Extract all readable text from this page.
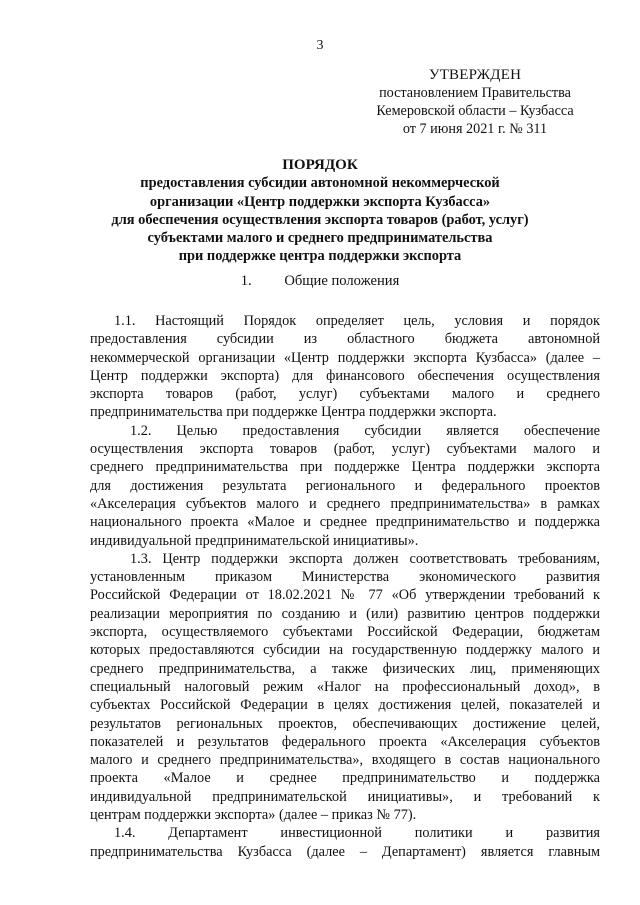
3
УТВЕРЖДЕН
постановлением Правительства
Кемеровской области – Кузбасса
от 7 июня 2021 г. № 311
ПОРЯДОК
предоставления субсидии автономной некоммерческой
организации «Центр поддержки экспорта Кузбасса»
для обеспечения осуществления экспорта товаров (работ, услуг)
субъектами малого и среднего предпринимательства
при поддержке центра поддержки экспорта
1. Общие положения
1.1. Настоящий Порядок определяет цель, условия и порядок
предоставления субсидии из областного бюджета автономной
некоммерческой организации «Центр поддержки экспорта Кузбасса» (далее –
Центр поддержки экспорта) для финансового обеспечения осуществления
экспорта товаров (работ, услуг) субъектами малого и среднего
предпринимательства при поддержке Центра поддержки экспорта.
1.2. Целью предоставления субсидии является обеспечение
осуществления экспорта товаров (работ, услуг) субъектами малого и
среднего предпринимательства при поддержке Центра поддержки экспорта
для достижения результата регионального и федерального проектов
«Акселерация субъектов малого и среднего предпринимательства» в рамках
национального проекта «Малое и среднее предпринимательство и поддержка
индивидуальной предпринимательской инициативы».
1.3. Центр поддержки экспорта должен соответствовать требованиям,
установленным приказом Министерства экономического развития
Российской Федерации от 18.02.2021 № 77 «Об утверждении требований к
реализации мероприятия по созданию и (или) развитию центров поддержки
экспорта, осуществляемого субъектами Российской Федерации, бюджетам
которых предоставляются субсидии на государственную поддержку малого и
среднего предпринимательства, а также физических лиц, применяющих
специальный налоговый режим «Налог на профессиональный доход», в
субъектах Российской Федерации в целях достижения целей, показателей и
результатов региональных проектов, обеспечивающих достижение целей,
показателей и результатов федерального проекта «Акселерация субъектов
малого и среднего предпринимательства», входящего в состав национального
проекта «Малое и среднее предпринимательство и поддержка
индивидуальной предпринимательской инициативы», и требований к
центрам поддержки экспорта» (далее – приказ № 77).
1.4. Департамент инвестиционной политики и развития
предпринимательства Кузбасса (далее – Департамент) является главным
